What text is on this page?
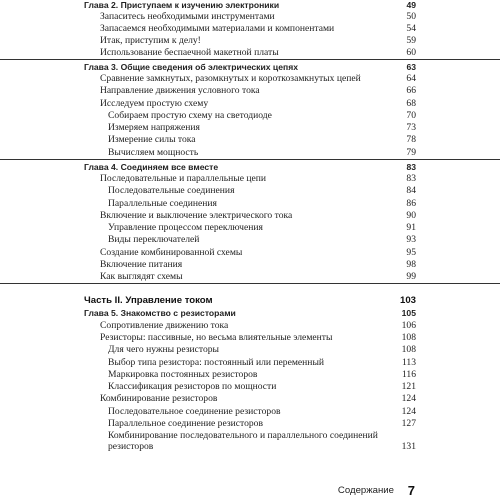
Глава 2. Приступаем к изучению электроники	49
Запаситесь необходимыми инструментами	50
Запасаемся необходимыми материалами и компонентами	54
Итак, приступим к делу!	59
Использование беспаечной макетной платы	60
Глава 3. Общие сведения об электрических цепях	63
Сравнение замкнутых, разомкнутых и короткозамкнутых цепей	64
Направление движения условного тока	66
Исследуем простую схему	68
Собираем простую схему на светодиоде	70
Измеряем напряжения	73
Измерение силы тока	78
Вычисляем мощность	79
Глава 4. Соединяем все вместе	83
Последовательные и параллельные цепи	83
Последовательные соединения	84
Параллельные соединения	86
Включение и выключение электрического тока	90
Управление процессом переключения	91
Виды переключателей	93
Создание комбинированной схемы	95
Включение питания	98
Как выглядят схемы	99
Часть II. Управление током	103
Глава 5. Знакомство с резисторами	105
Сопротивление движению тока	106
Резисторы: пассивные, но весьма влиятельные элементы	108
Для чего нужны резисторы	108
Выбор типа резистора: постоянный или переменный	113
Маркировка постоянных резисторов	116
Классификация резисторов по мощности	121
Комбинирование резисторов	124
Последовательное соединение резисторов	124
Параллельное соединение резисторов	127
Комбинирование последовательного и параллельного соединений
резисторов	131
Содержание 7
